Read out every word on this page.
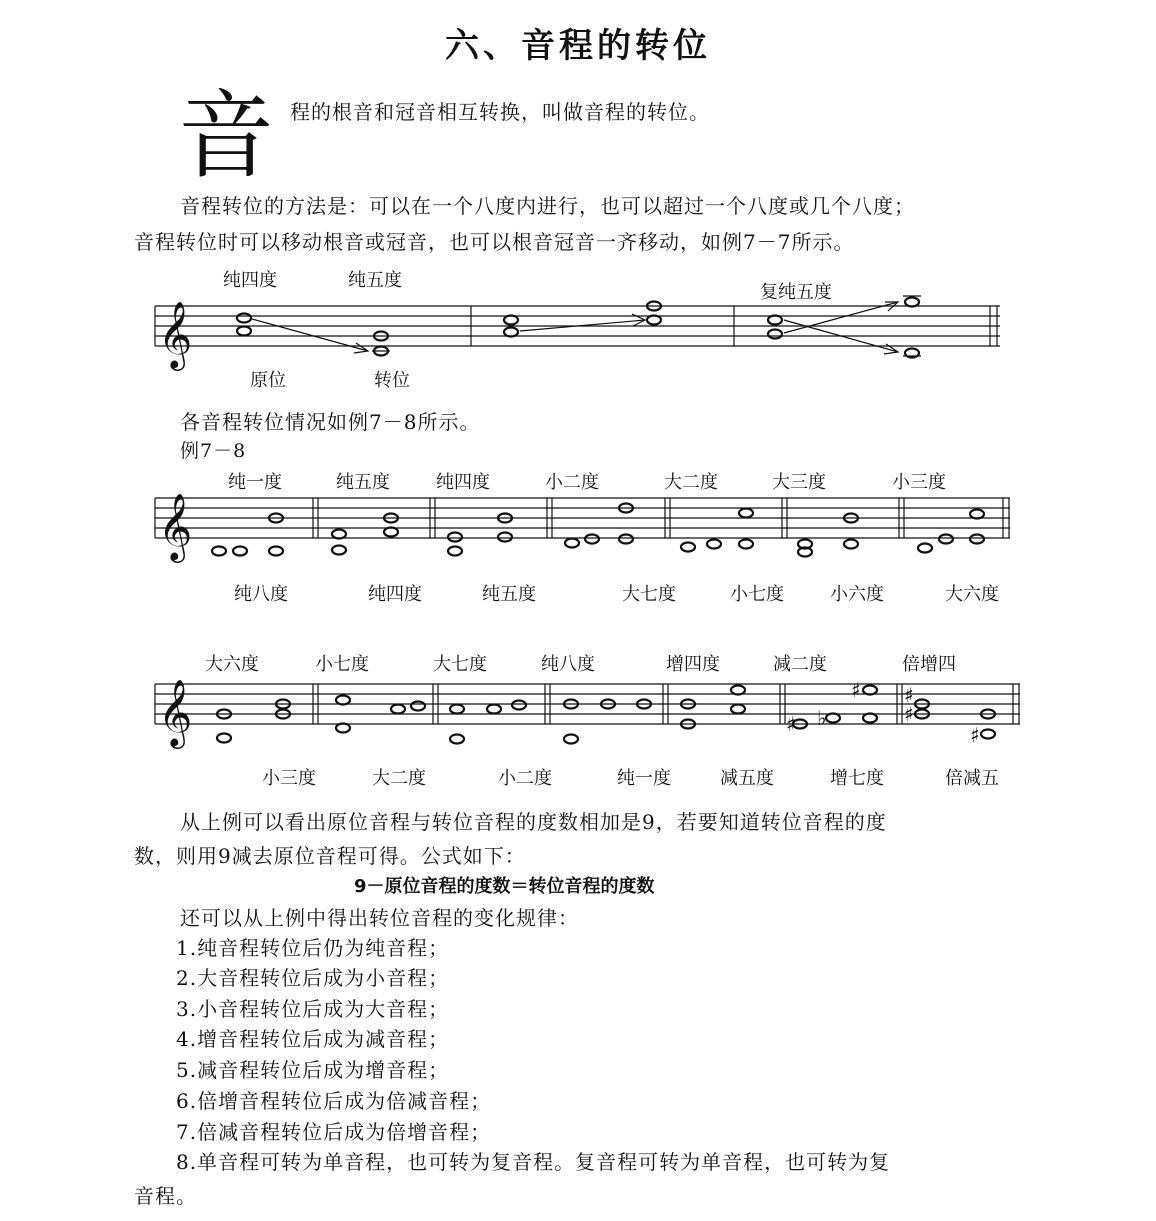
六、音程的转位
音 程的根音和冠音相互转换，叫做音程的转位。
音程转位的方法是：可以在一个八度内进行，也可以超过一个八度或几个八度；
音程转位时可以移动根音或冠音，也可以根音冠音一齐移动，如例7－7所示。
纯四度	纯五度
复纯五度
原位	转位
𝄞
各音程转位情况如例7－8所示。
例7－8
纯一度	纯五度	纯四度	小二度	大二度	大三度	小三度
𝄞
纯八度	纯四度	纯五度	大七度	小七度	小六度	大六度
大六度	小七度	大七度	纯八度	增四度	减二度	倍增四
𝄞	♯ ♭
♯ ♯
♯
♯
小三度	大二度	小二度	纯一度	减五度	增七度	倍减五
从上例可以看出原位音程与转位音程的度数相加是9，若要知道转位音程的度
数，则用9减去原位音程可得。公式如下：
9－原位音程的度数＝转位音程的度数
还可以从上例中得出转位音程的变化规律：
1.纯音程转位后仍为纯音程；
2.大音程转位后成为小音程；
3.小音程转位后成为大音程；
4.增音程转位后成为减音程；
5.减音程转位后成为增音程；
6.倍增音程转位后成为倍减音程；
7.倍减音程转位后成为倍增音程；
8.单音程可转为单音程，也可转为复音程。复音程可转为单音程，也可转为复
音程。
